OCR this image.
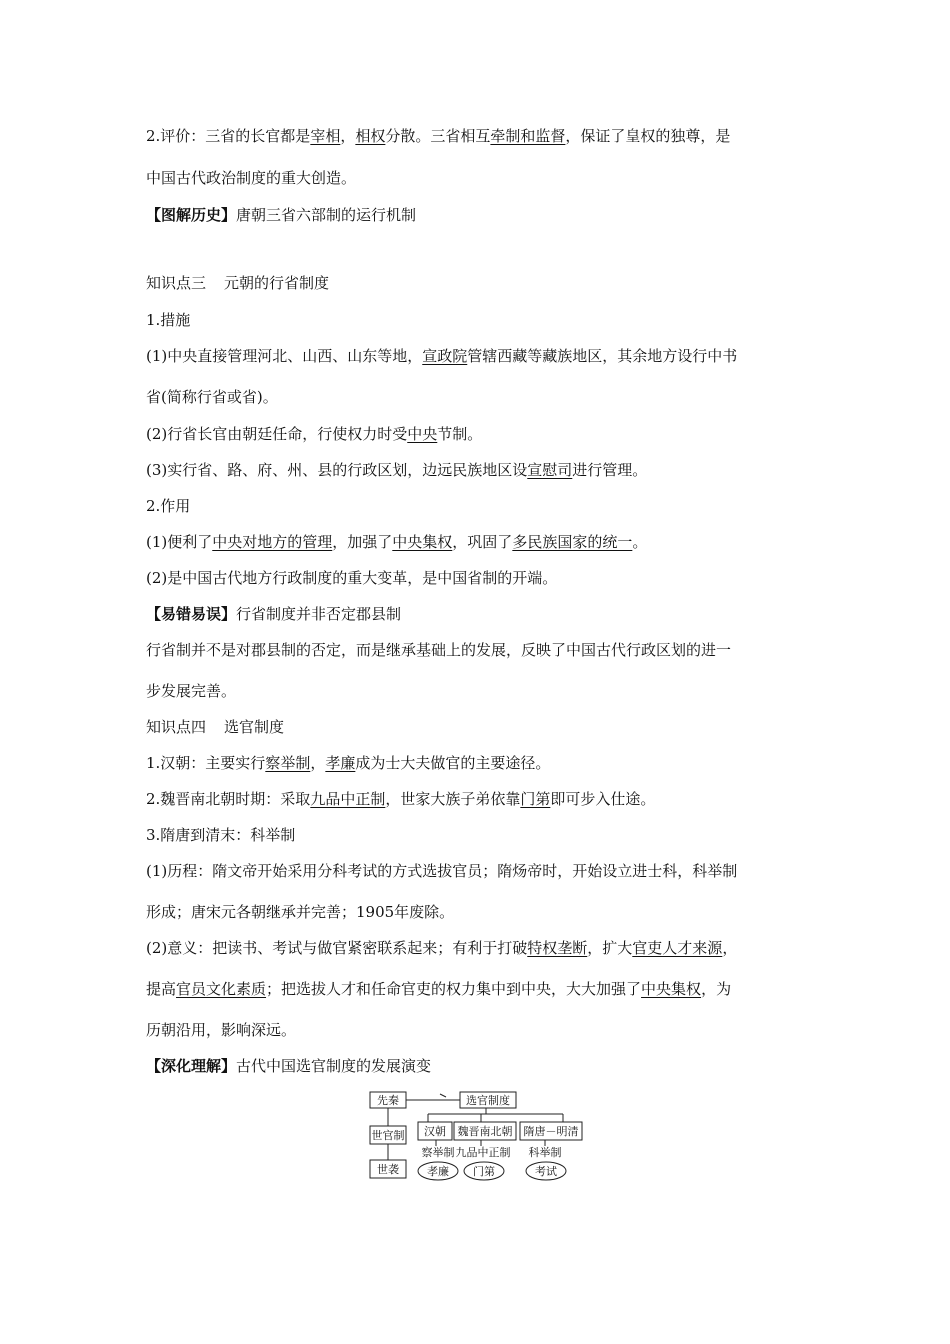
2.评价：三省的长官都是宰相，相权分散。三省相互牵制和监督，保证了皇权的独尊，是
中国古代政治制度的重大创造。
【图解历史】唐朝三省六部制的运行机制
知识点三 元朝的行省制度
1.措施
(1)中央直接管理河北、山西、山东等地，宣政院管辖西藏等藏族地区，其余地方设行中书
省(简称行省或省)。
(2)行省长官由朝廷任命，行使权力时受中央节制。
(3)实行省、路、府、州、县的行政区划，边远民族地区设宣慰司进行管理。
2.作用
(1)便利了中央对地方的管理，加强了中央集权，巩固了多民族国家的统一。
(2)是中国古代地方行政制度的重大变革，是中国省制的开端。
【易错易误】行省制度并非否定郡县制
行省制并不是对郡县制的否定，而是继承基础上的发展，反映了中国古代行政区划的进一
步发展完善。
知识点四 选官制度
1.汉朝：主要实行察举制，孝廉成为士大夫做官的主要途径。
2.魏晋南北朝时期：采取九品中正制，世家大族子弟依靠门第即可步入仕途。
3.隋唐到清末：科举制
(1)历程：隋文帝开始采用分科考试的方式选拔官员；隋炀帝时，开始设立进士科，科举制
形成；唐宋元各朝继承并完善；1905年废除。
(2)意义：把读书、考试与做官紧密联系起来；有利于打破特权垄断，扩大官吏人才来源，
提高官员文化素质；把选拔人才和任命官吏的权力集中到中央，大大加强了中央集权，为
历朝沿用，影响深远。
【深化理解】古代中国选官制度的发展演变
先秦	选官制度
世官制
世袭
汉朝 魏晋南北朝 隋唐－明清
察举制 九品中正制 科举制
孝廉 门第	考试
